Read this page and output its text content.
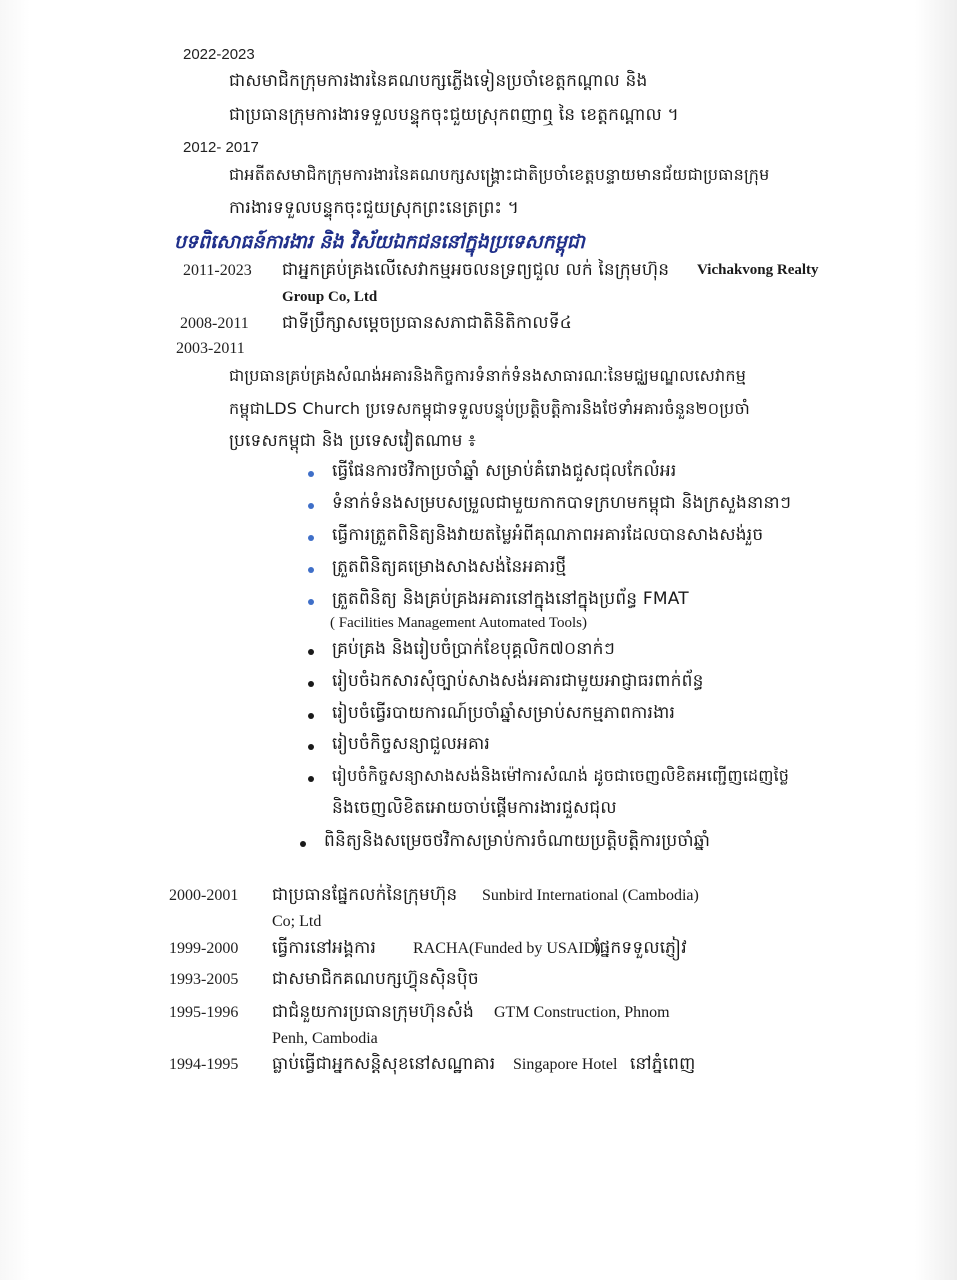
2022-2023
ជាសមាជិកក្រុមការងារនៃគណបក្សភ្លើងទៀនប្រចាំខេត្តកណ្តាល និង
ជាប្រធានក្រុមការងារទទួលបន្ទុកចុះជួយស្រុកពញាឮ នៃ ខេត្តកណ្តាល ។
2012- 2017
ជាអតីតសមាជិកក្រុមការងារនៃគណបក្សសង្គ្រោះជាតិប្រចាំខេត្តបន្ទាយមានជ័យជាប្រធានក្រុម
ការងារទទួលបន្ទុកចុះជួយស្រុកព្រះនេត្រព្រះ ។
បទពិសោធន៍ការងារ និង វិស័យឯកជននៅក្នុងប្រទេសកម្ពុជា
2011-2023 ជាអ្នកគ្រប់គ្រងលើសេវាកម្មអចលនទ្រព្យជួល លក់ នៃក្រុមហ៊ុន Vichakvong Realty
Group Co, Ltd
2008-2011 ជាទីប្រឹក្សាសម្តេចប្រធានសភាជាតិនិតិកាលទី៤
2003-2011
ជាប្រធានគ្រប់គ្រងសំណង់អគារនិងកិច្ចការទំនាក់ទំនងសាធារណៈនៃមជ្ឈមណ្ឌលសេវាកម្ម
កម្ពុជាLDS Church ប្រទេសកម្ពុជាទទួលបន្ទុប់ប្រត្តិបត្តិការនិងថែទាំអគារចំនួន២០ប្រចាំ
ប្រទេសកម្ពុជា និង ប្រទេសវៀតណាម ៖
ធ្វើផែនការថវិកាប្រចាំឆ្នាំ សម្រាប់គំរោងជួសជុលកែលំអរ
ទំនាក់ទំនងសម្របសម្រួលជាមួយកាកបាទក្រហមកម្ពុជា និងក្រសួងនានាៗ
ធ្វើការត្រួតពិនិត្យនិងវាយតម្លៃអំពីគុណភាពអគារដែលបានសាងសង់រួច
ត្រួតពិនិត្យគម្រោងសាងសង់នៃអគារថ្មី
ត្រួតពិនិត្យ និងគ្រប់គ្រងអគារនៅក្នុងនៅក្នុងប្រព័ន្ធ FMAT
( Facilities Management Automated Tools)
គ្រប់គ្រង និងរៀបចំប្រាក់ខែបុគ្គលិក៧០នាក់ៗ
រៀបចំឯកសារសុំច្បាប់សាងសង់អគារជាមួយអាជ្ញាធរពាក់ព័ន្ធ
រៀបចំធ្វើរបាយការណ៍ប្រចាំឆ្នាំសម្រាប់សកម្មភាពការងារ
រៀបចំកិច្ចសន្យាជួលអគារ
រៀបចំកិច្ចសន្យាសាងសង់និងម៉ៅការសំណង់ ដូចជាចេញលិខិតអញ្ជើញដេញថ្លៃ
និងចេញលិខិតអោយចាប់ផ្តើមការងារជួសជុល
ពិនិត្យនិងសម្រេចថវិកាសម្រាប់ការចំណាយប្រត្តិបត្តិការប្រចាំឆ្នាំ
2000-2001 ជាប្រធានផ្នែកលក់នៃក្រុមហ៊ុន Sunbird International (Cambodia)
Co; Ltd
1999-2000 ធ្វើការនៅអង្គការ RACHA(Funded by USAID)
ផ្នែកទទួលភ្ញៀវ
1993-2005 ជាសមាជិកគណបក្សហ៊្វុនស៊ិនប៉ិច
1995-1996 ជាជំនួយការប្រធានក្រុមហ៊ុនសំង់ GTM Construction, Phnom
Penh, Cambodia
1994-1995 ធ្លាប់ធ្វើជាអ្នកសន្តិសុខនៅសណ្ឋាគារ Singapore Hotel នៅភ្នំពេញ
